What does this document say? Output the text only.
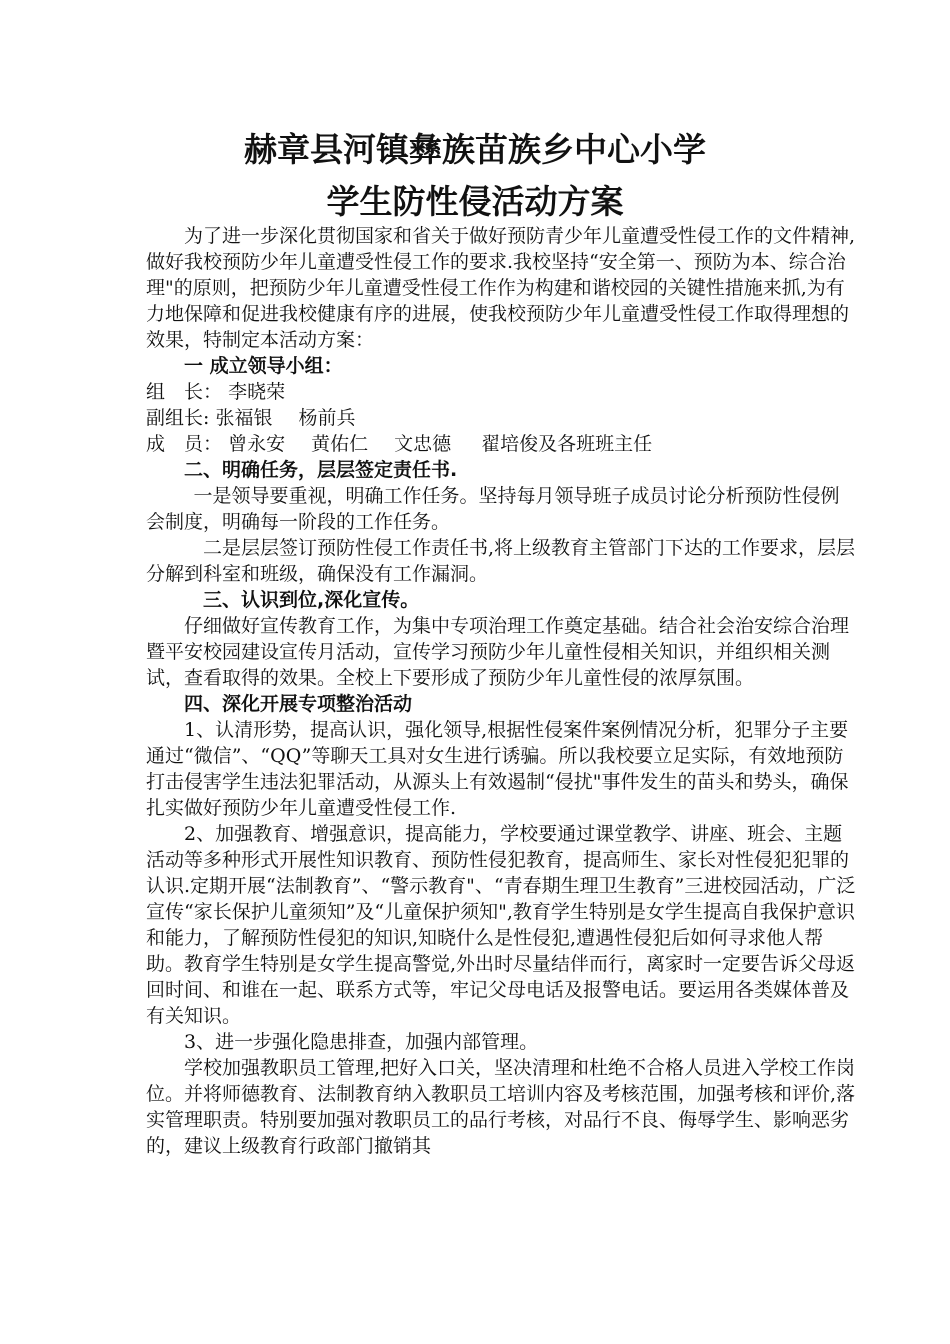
赫章县河镇彝族苗族乡中心小学
学生防性侵活动方案

为了进一步深化贯彻国家和省关于做好预防青少年儿童遭受性侵工作的文件精神,做好我校预防少年儿童遭受性侵工作的要求.我校坚持“安全第一、预防为本、综合治理"的原则，把预防少年儿童遭受性侵工作作为构建和谐校园的关键性措施来抓,为有力地保障和促进我校健康有序的进展，使我校预防少年儿童遭受性侵工作取得理想的效果，特制定本活动方案：

一 成立领导小组：

组　长： 李晓荣

副组长: 张福银 杨前兵

成　员： 曾永安 黄佑仁 文忠德 翟培俊及各班班主任

二、明确任务，层层签定责任书.

一是领导要重视，明确工作任务。坚持每月领导班子成员讨论分析预防性侵例会制度，明确每一阶段的工作任务。

二是层层签订预防性侵工作责任书,将上级教育主管部门下达的工作要求，层层分解到科室和班级，确保没有工作漏洞。

三、认识到位,深化宣传。

仔细做好宣传教育工作，为集中专项治理工作奠定基础。结合社会治安综合治理暨平安校园建设宣传月活动，宣传学习预防少年儿童性侵相关知识，并组织相关测试，查看取得的效果。全校上下要形成了预防少年儿童性侵的浓厚氛围。

四、深化开展专项整治活动

1、认清形势，提高认识，强化领导,根据性侵案件案例情况分析，犯罪分子主要通过“微信”、“QQ”等聊天工具对女生进行诱骗。所以我校要立足实际，有效地预防打击侵害学生违法犯罪活动，从源头上有效遏制“侵扰"事件发生的苗头和势头，确保扎实做好预防少年儿童遭受性侵工作.

2、加强教育、增强意识，提高能力，学校要通过课堂教学、讲座、班会、主题活动等多种形式开展性知识教育、预防性侵犯教育，提高师生、家长对性侵犯犯罪的认识.定期开展“法制教育”、“警示教育"、“青春期生理卫生教育”三进校园活动，广泛宣传“家长保护儿童须知”及“儿童保护须知",教育学生特别是女学生提高自我保护意识和能力，了解预防性侵犯的知识,知晓什么是性侵犯,遭遇性侵犯后如何寻求他人帮助。教育学生特别是女学生提高警觉,外出时尽量结伴而行，离家时一定要告诉父母返回时间、和谁在一起、联系方式等，牢记父母电话及报警电话。要运用各类媒体普及有关知识。

3、进一步强化隐患排查，加强内部管理。

学校加强教职员工管理,把好入口关，坚决清理和杜绝不合格人员进入学校工作岗位。并将师德教育、法制教育纳入教职员工培训内容及考核范围，加强考核和评价,落实管理职责。特别要加强对教职员工的品行考核，对品行不良、侮辱学生、影响恶劣的，建议上级教育行政部门撤销其
